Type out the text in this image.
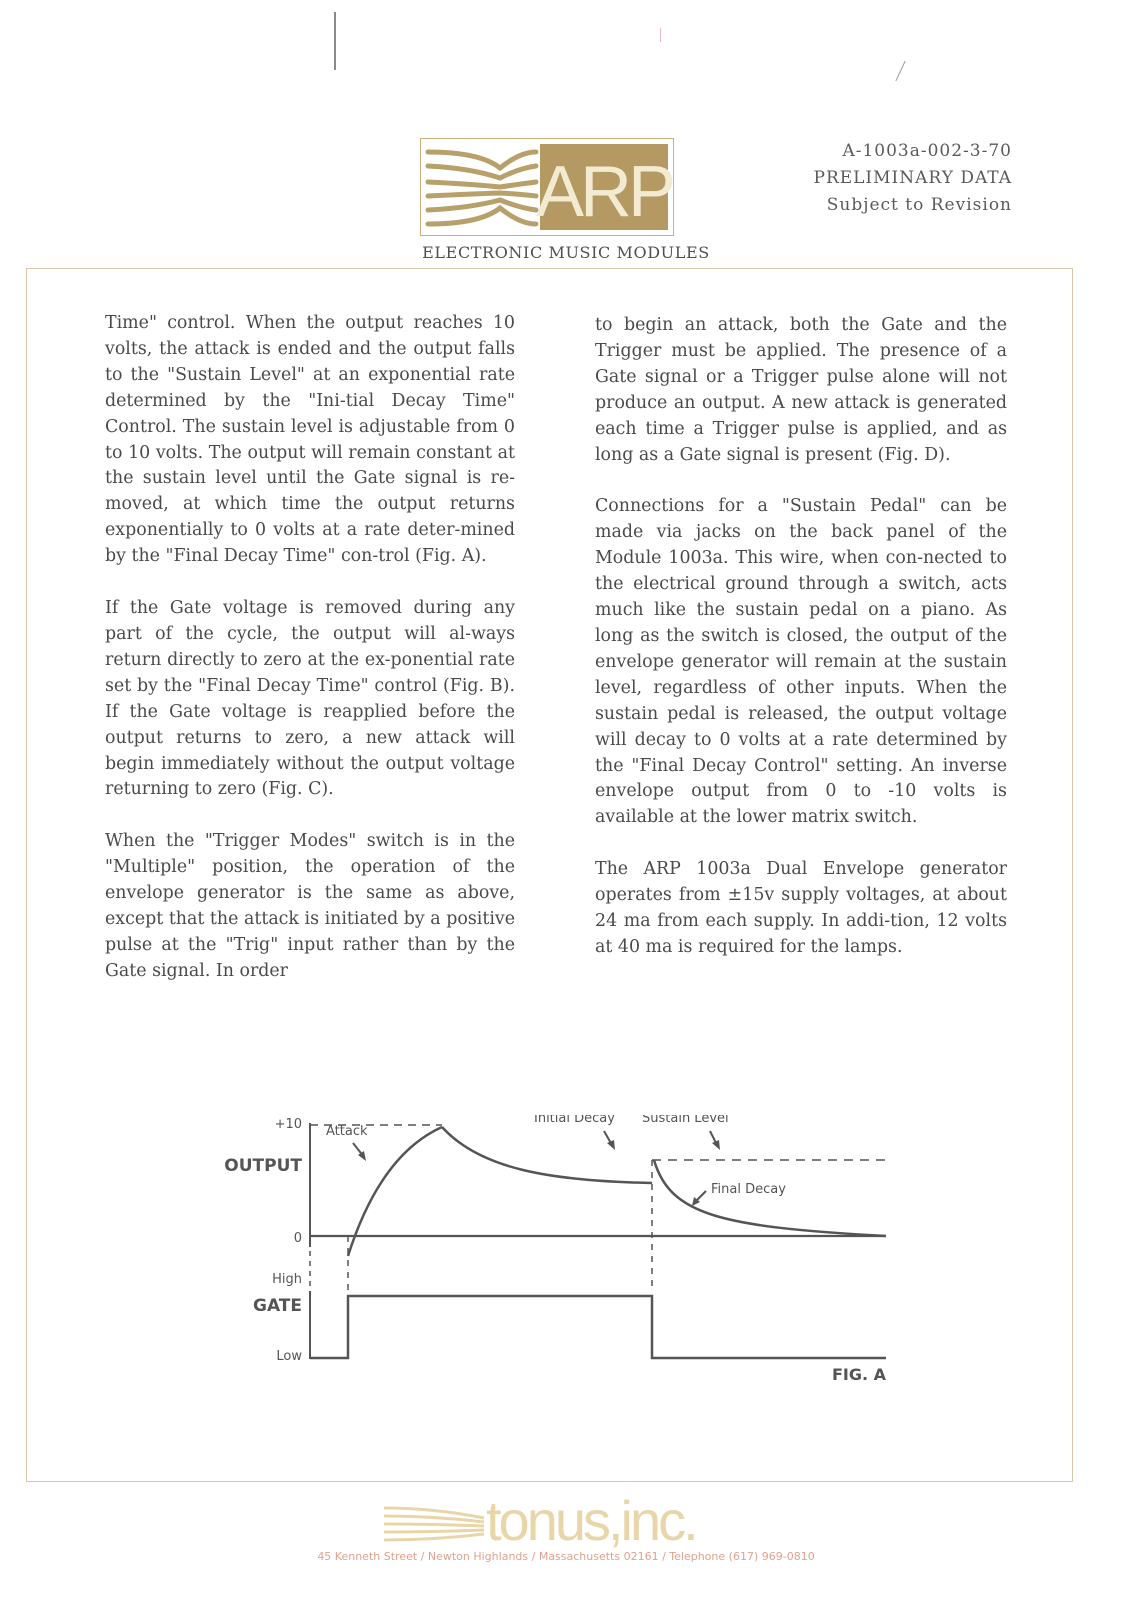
ARP
A-1003a-002-3-70
PRELIMINARY DATA
Subject to Revision
ELECTRONIC MUSIC MODULES

Time" control. When the output reaches 10 volts, the attack is ended and the output falls to the "Sustain Level" at an exponential rate determined by the "Ini-tial Decay Time" Control. The sustain level is adjustable from 0 to 10 volts. The output will remain constant at the sustain level until the Gate signal is re-moved, at which time the output returns exponentially to 0 volts at a rate deter-mined by the "Final Decay Time" con-trol (Fig. A).

If the Gate voltage is removed during any part of the cycle, the output will al-ways return directly to zero at the ex-ponential rate set by the "Final Decay Time" control (Fig. B). If the Gate voltage is reapplied before the output returns to zero, a new attack will begin immediately without the output voltage returning to zero (Fig. C).

When the "Trigger Modes" switch is in the "Multiple" position, the operation of the envelope generator is the same as above, except that the attack is initiated by a positive pulse at the "Trig" input rather than by the Gate signal. In order

to begin an attack, both the Gate and the Trigger must be applied. The presence of a Gate signal or a Trigger pulse alone will not produce an output. A new attack is generated each time a Trigger pulse is applied, and as long as a Gate signal is present (Fig. D).

Connections for a "Sustain Pedal" can be made via jacks on the back panel of the Module 1003a. This wire, when con-nected to the electrical ground through a switch, acts much like the sustain pedal on a piano. As long as the switch is closed, the output of the envelope generator will remain at the sustain level, regardless of other inputs. When the sustain pedal is released, the output voltage will decay to 0 volts at a rate determined by the "Final Decay Control" setting. An inverse envelope output from 0 to -10 volts is available at the lower matrix switch.

The ARP 1003a Dual Envelope generator operates from ±15v supply voltages, at about 24 ma from each supply. In addi-tion, 12 volts at 40 ma is required for the lamps.

+10
OUTPUT
0
High
GATE
Low
Attack
Initial Decay Sustain Level
Final Decay
FIG. A
tonus,inc.
45 Kenneth Street / Newton Highlands / Massachusetts 02161 / Telephone (617) 969-0810
